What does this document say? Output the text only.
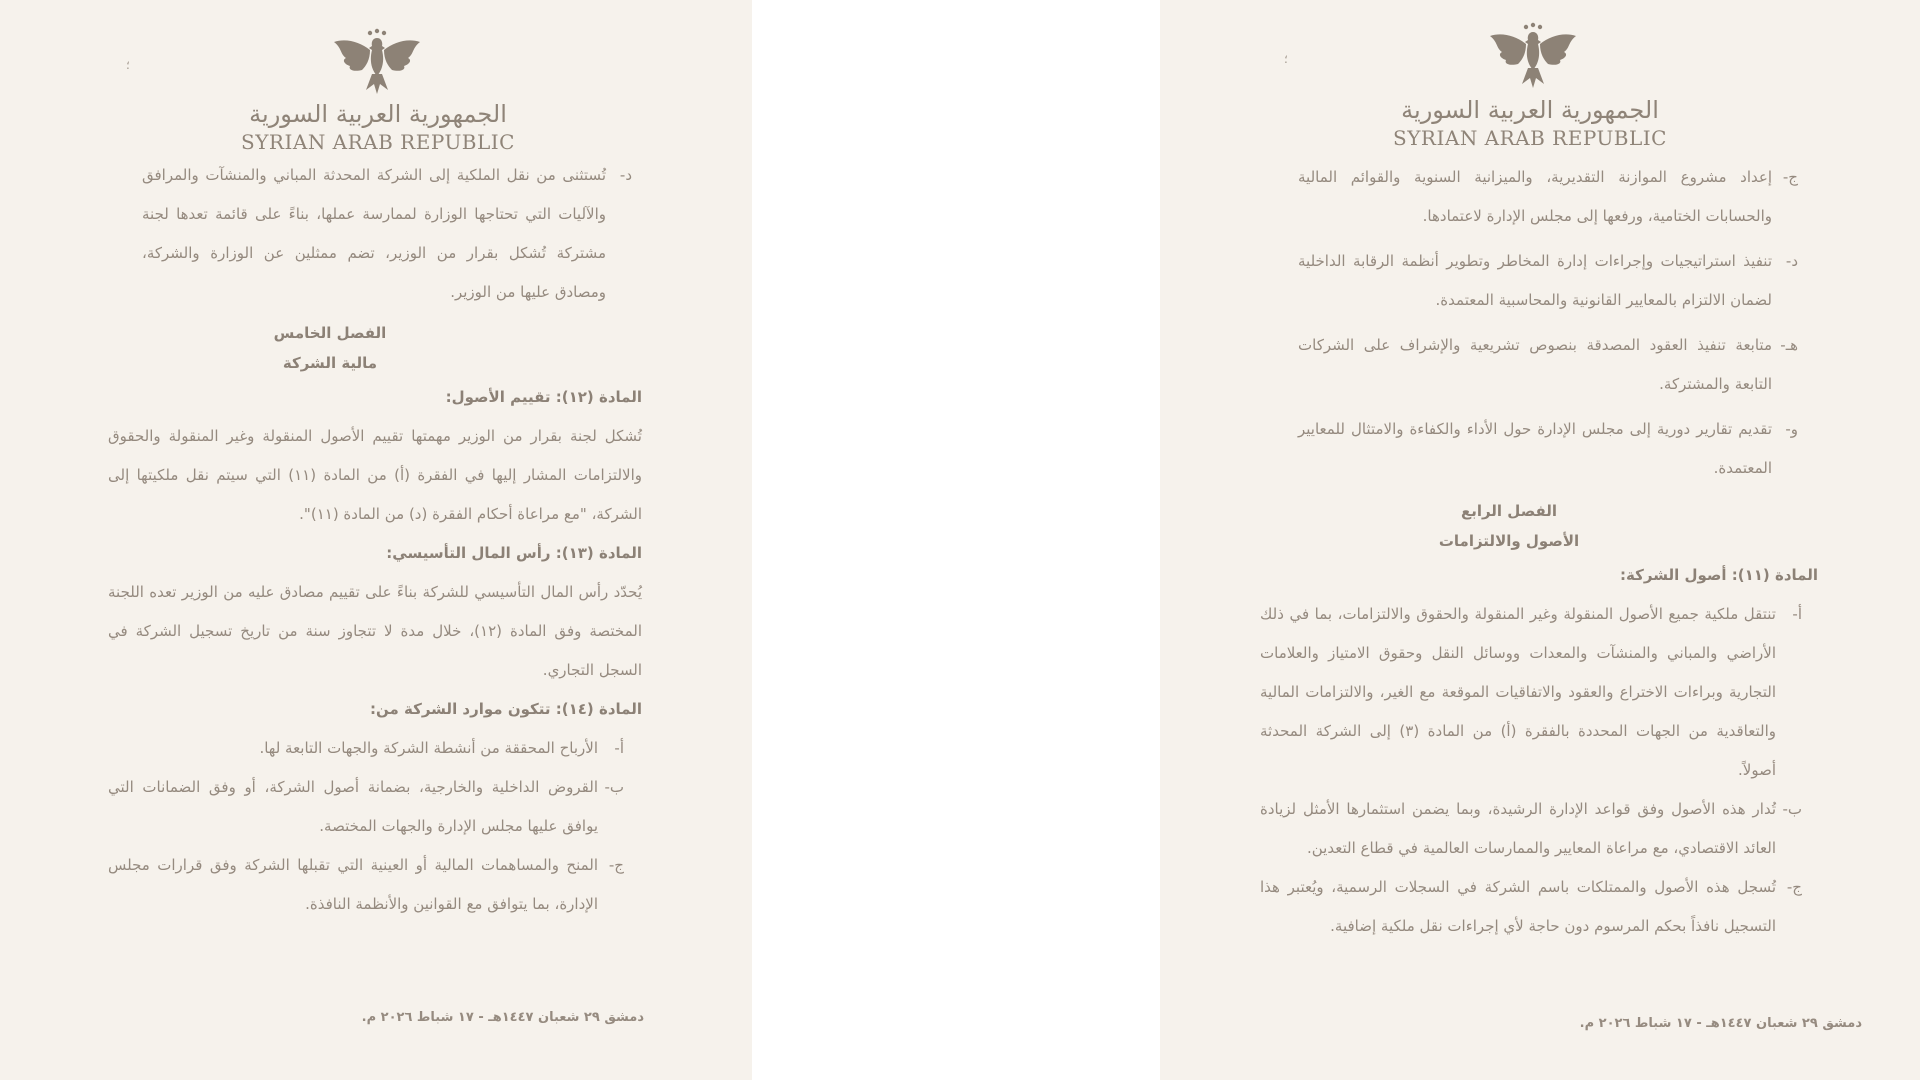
؛
الجمهورية العربية السورية
SYRIAN ARAB REPUBLIC
د-
تُستثنى من نقل الملكية إلى الشركة المحدثة المباني والمنشآت والمرافق والآليات التي تحتاجها الوزارة لممارسة عملها، بناءً على قائمة تعدها لجنة مشتركة تُشكل بقرار من الوزير، تضم ممثلين عن الوزارة والشركة، ومصادق عليها من الوزير.
الفصل الخامس
مالية الشركة
المادة (١٢): تقييم الأصول:
تُشكل لجنة بقرار من الوزير مهمتها تقييم الأصول المنقولة وغير المنقولة والحقوق والالتزامات المشار إليها في الفقرة (أ) من المادة (١١) التي سيتم نقل ملكيتها إلى الشركة، "مع مراعاة أحكام الفقرة (د) من المادة (١١)".
المادة (١٣): رأس المال التأسيسي:
يُحدّد رأس المال التأسيسي للشركة بناءً على تقييم مصادق عليه من الوزير تعده اللجنة المختصة وفق المادة (١٢)، خلال مدة لا تتجاوز سنة من تاريخ تسجيل الشركة في السجل التجاري.
المادة (١٤): تتكون موارد الشركة من:
أ-
الأرباح المحققة من أنشطة الشركة والجهات التابعة لها.
ب-
القروض الداخلية والخارجية، بضمانة أصول الشركة، أو وفق الضمانات التي يوافق عليها مجلس الإدارة والجهات المختصة.
ج-
المنح والمساهمات المالية أو العينية التي تقبلها الشركة وفق قرارات مجلس الإدارة، بما يتوافق مع القوانين والأنظمة النافذة.
دمشق ٢٩ شعبان ١٤٤٧هـ - ١٧ شباط ٢٠٢٦ م.
؛
الجمهورية العربية السورية
SYRIAN ARAB REPUBLIC
ج-
إعداد مشروع الموازنة التقديرية، والميزانية السنوية والقوائم المالية والحسابات الختامية، ورفعها إلى مجلس الإدارة لاعتمادها.
د-
تنفيذ استراتيجيات وإجراءات إدارة المخاطر وتطوير أنظمة الرقابة الداخلية لضمان الالتزام بالمعايير القانونية والمحاسبية المعتمدة.
هـ-
متابعة تنفيذ العقود المصدقة بنصوص تشريعية والإشراف على الشركات التابعة والمشتركة.
و-
تقديم تقارير دورية إلى مجلس الإدارة حول الأداء والكفاءة والامتثال للمعايير المعتمدة.
الفصل الرابع
الأصول والالتزامات
المادة (١١): أصول الشركة:
أ-
تنتقل ملكية جميع الأصول المنقولة وغير المنقولة والحقوق والالتزامات، بما في ذلك الأراضي والمباني والمنشآت والمعدات ووسائل النقل وحقوق الامتياز والعلامات التجارية وبراءات الاختراع والعقود والاتفاقيات الموقعة مع الغير، والالتزامات المالية والتعاقدية من الجهات المحددة بالفقرة (أ) من المادة (٣) إلى الشركة المحدثة أصولاً.
ب-
تُدار هذه الأصول وفق قواعد الإدارة الرشيدة، وبما يضمن استثمارها الأمثل لزيادة العائد الاقتصادي، مع مراعاة المعايير والممارسات العالمية في قطاع التعدين.
ج-
تُسجل هذه الأصول والممتلكات باسم الشركة في السجلات الرسمية، ويُعتبر هذا التسجيل نافذاً بحكم المرسوم دون حاجة لأي إجراءات نقل ملكية إضافية.
دمشق ٢٩ شعبان ١٤٤٧هـ - ١٧ شباط ٢٠٢٦ م.
